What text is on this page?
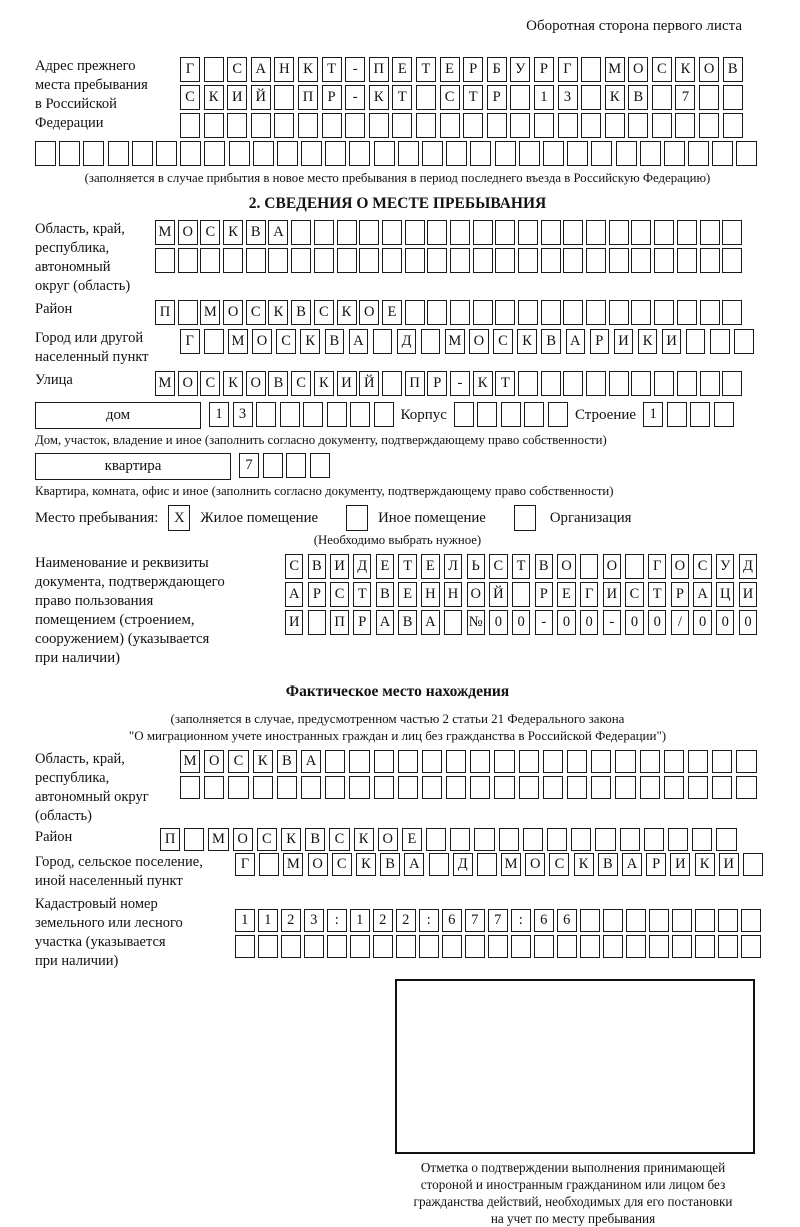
Оборотная сторона первого листа
Адрес прежнего
места пребывания
в Российской
Федерации
Г	С А Н К Т	-	П Е	Т	Е	Р	Б У Р	Г	М О С К О В
С К И Й	П Р	-	К Т	С Т	Р	1	3	К В	7
(заполняется в случае прибытия в новое место пребывания в период последнего въезда в Российскую Федерацию)
2. СВЕДЕНИЯ О МЕСТЕ ПРЕБЫВАНИЯ
Область, край,
республика,
автономный
округ (область)
М О С К В А
Район	П	М О С К В С К О Е
Город или другой
населенный пункт
Г	М О С К В А	Д	М О С К В А	Р	И К И
Улица	М О С К О В С К И Й	П Р	-	К Т
дом	1	3	Корпус	Строение 1
Дом, участок, владение и иное (заполнить согласно документу, подтверждающему право собственности)
квартира	7
Квартира, комната, офис и иное (заполнить согласно документу, подтверждающему право собственности)
Место пребывания:	X	Жилое помещение	Иное помещение	Организация
(Необходимо выбрать нужное)
Наименование и реквизиты
документа, подтверждающего
право пользования
помещением (строением,
сооружением) (указывается
при наличии)
С В И Д Е Т Е Л Ь С Т В О О	Г О С У Д
А Р С Т В Е Н Н О Й	Р Е Г И С Т Р А Ц И
И П Р А В А № 0	0	-	0	0	-	0	0	/	0	0	0
Фактическое место нахождения
(заполняется в случае, предусмотренном частью 2 статьи 21 Федерального закона
"О миграционном учете иностранных граждан и лиц без гражданства в Российской Федерации")
Область, край,
республика,
автономный округ
(область)
М О С	К	В А
Район	П	М О С	К	В	С	К О	Е
Город, сельское поселение,
иной населенный пункт
Г	М О С	К	В А	Д	М О С	К	В А	Р	И К И
Кадастровый номер
земельного или лесного
участка (указывается
при наличии)
1	1	2	3	:	1	2	2	:	6	7	7	:	6	6
Отметка о подтверждении выполнения принимающей
стороной и иностранным гражданином или лицом без
гражданства действий, необходимых для его постановки
на учет по месту пребывания
